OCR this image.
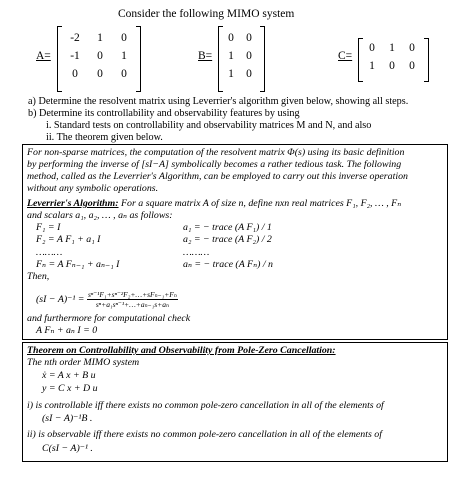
Consider the following MIMO system
A=
-2	1	0
-1	0	1
0	0	0
B=
0	0
1	0
1	0
C=
0	1	0
1	0	0
a) Determine the resolvent matrix using Leverrier's algorithm given below, showing all steps.
b) Determine its controllability and observability features by using
i. Standard tests on controllability and observability matrices M and N, and also
ii. The theorem given below.
For non-sparse matrices, the computation of the resolvent matrix Φ(s) using its basic definition
by performing the inverse of [sI−A] symbolically becomes a rather tedious task. The following
method, called as the Leverrier's Algorithm, can be employed to carry out this inverse operation
without any symbolic operations.
Leverrier's Algorithm: For a square matrix A of size n, define nxn real matrices F₁, F₂, … , Fₙ
and scalars a₁, a₂, … , aₙ as follows:
F₁ = I
F₂ = A F₁ + a₁ I
………
Fₙ = A Fₙ₋₁ + aₙ₋₁ I
a₁ = − trace (A F₁) / 1
a₂ = − trace (A F₂) / 2
………
aₙ = − trace (A Fₙ) / n
Then,
$(sI - A)^{-1} = \frac{\text{sⁿ⁻¹F₁+sⁿ⁻²F₂+…+sFₙ₋₁+Fₙ}}{\text{sⁿ+a₁sⁿ⁻¹+…+aₙ₋₁s+aₙ}}$
and furthermore for computational check
A Fₙ + aₙ I = 0
Theorem on Controllability and Observability from Pole-Zero Cancellation:
The nth order MIMO system
ẋ = A x + B u
y = C x + D u
i) is controllable iff there exists no common pole-zero cancellation in all of the elements of
(sI − A)⁻¹B .
ii) is observable iff there exists no common pole-zero cancellation in all of the elements of
C(sI − A)⁻¹ .
